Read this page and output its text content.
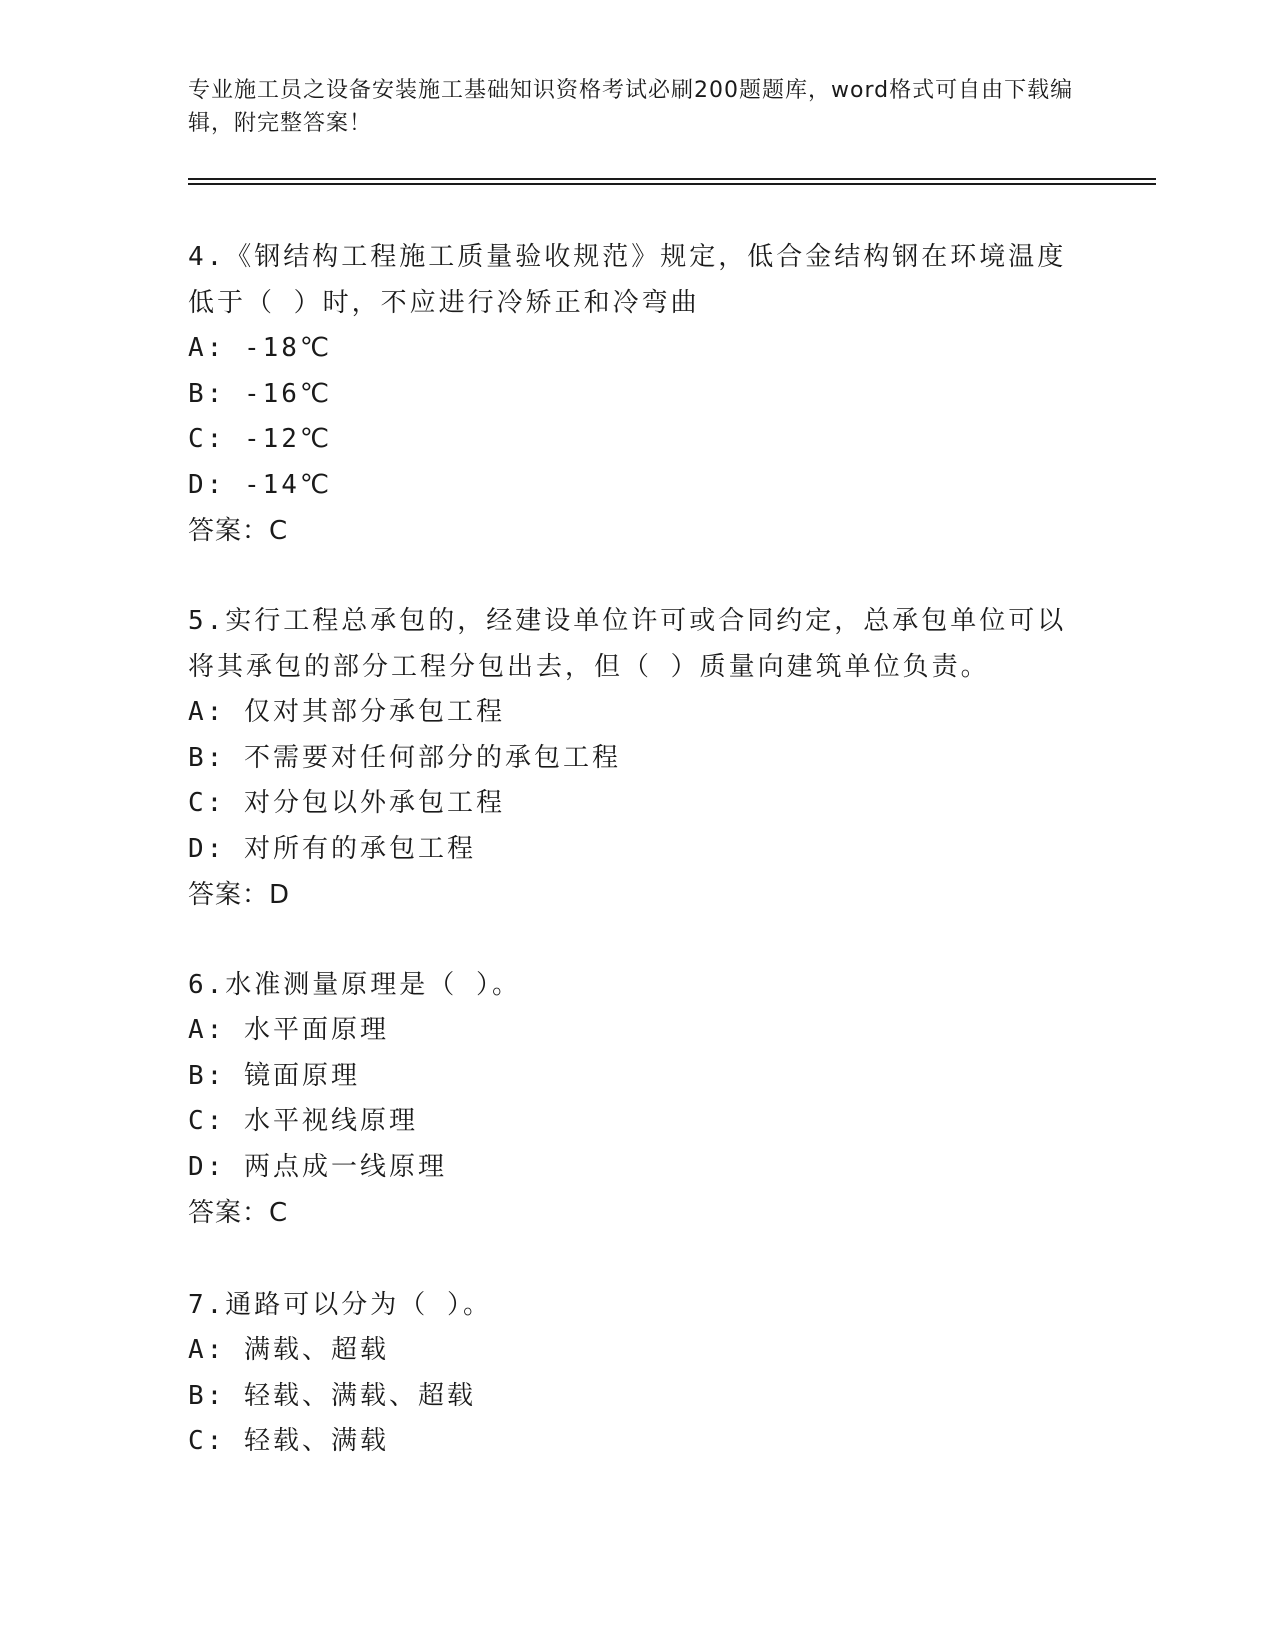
专业施工员之设备安装施工基础知识资格考试必刷200题题库，word格式可自由下载编辑，附完整答案！

4.《钢结构工程施工质量验收规范》规定，低合金结构钢在环境温度低于（ ）时，不应进行冷矫正和冷弯曲

A: -18℃

B: -16℃

C: -12℃

D: -14℃

答案：C

5.实行工程总承包的，经建设单位许可或合同约定，总承包单位可以将其承包的部分工程分包出去，但（ ）质量向建筑单位负责。

A: 仅对其部分承包工程

B: 不需要对任何部分的承包工程

C: 对分包以外承包工程

D: 对所有的承包工程

答案：D

6.水准测量原理是（ ）。

A: 水平面原理

B: 镜面原理

C: 水平视线原理

D: 两点成一线原理

答案：C

7.通路可以分为（ ）。

A: 满载、超载

B: 轻载、满载、超载

C: 轻载、满载
